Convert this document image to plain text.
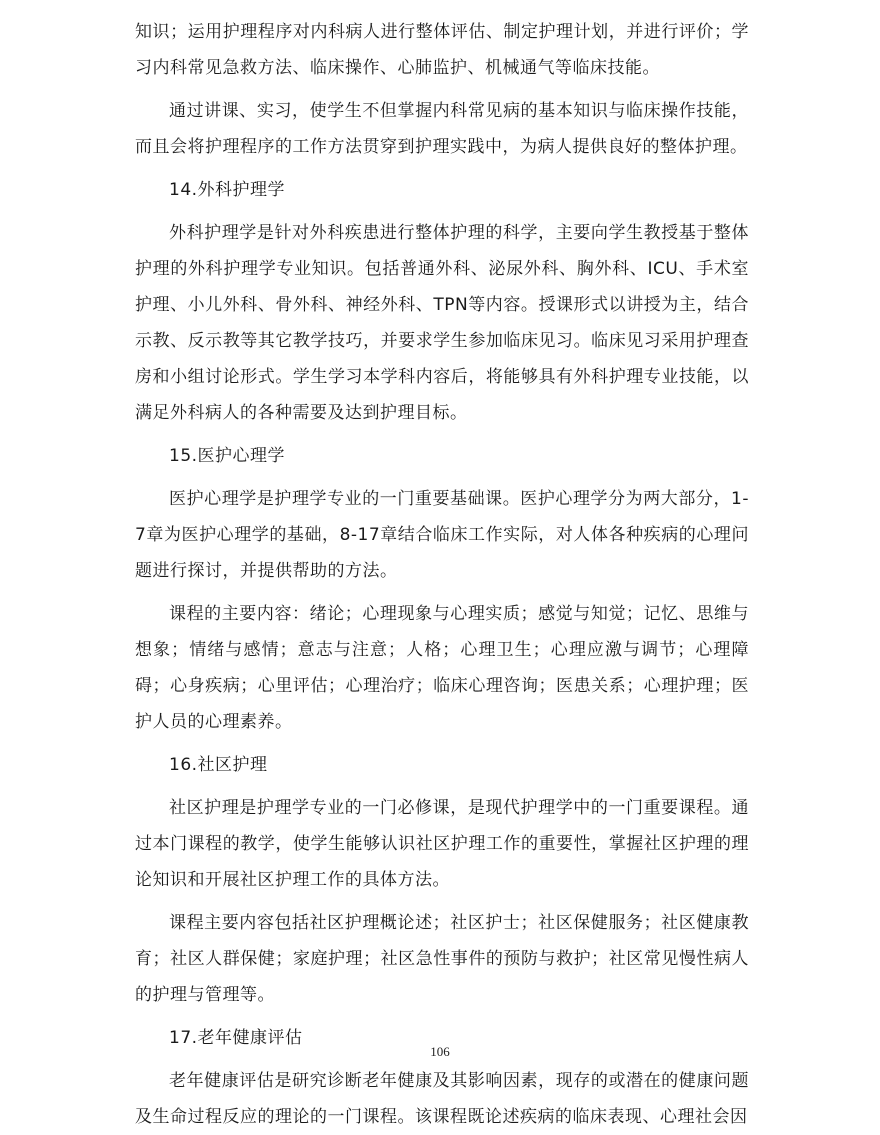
知识；运用护理程序对内科病人进行整体评估、制定护理计划，并进行评价；学习内科常见急救方法、临床操作、心肺监护、机械通气等临床技能。

通过讲课、实习，使学生不但掌握内科常见病的基本知识与临床操作技能，而且会将护理程序的工作方法贯穿到护理实践中，为病人提供良好的整体护理。

14.外科护理学

外科护理学是针对外科疾患进行整体护理的科学，主要向学生教授基于整体护理的外科护理学专业知识。包括普通外科、泌尿外科、胸外科、ICU、手术室护理、小儿外科、骨外科、神经外科、TPN等内容。授课形式以讲授为主，结合示教、反示教等其它教学技巧，并要求学生参加临床见习。临床见习采用护理查房和小组讨论形式。学生学习本学科内容后，将能够具有外科护理专业技能，以满足外科病人的各种需要及达到护理目标。

15.医护心理学

医护心理学是护理学专业的一门重要基础课。医护心理学分为两大部分，1-7章为医护心理学的基础，8-17章结合临床工作实际，对人体各种疾病的心理问题进行探讨，并提供帮助的方法。

课程的主要内容：绪论；心理现象与心理实质；感觉与知觉；记忆、思维与想象；情绪与感情；意志与注意；人格；心理卫生；心理应激与调节；心理障碍；心身疾病；心里评估；心理治疗；临床心理咨询；医患关系；心理护理；医护人员的心理素养。

16.社区护理

社区护理是护理学专业的一门必修课，是现代护理学中的一门重要课程。通过本门课程的教学，使学生能够认识社区护理工作的重要性，掌握社区护理的理论知识和开展社区护理工作的具体方法。

课程主要内容包括社区护理概论述；社区护士；社区保健服务；社区健康教育；社区人群保健；家庭护理；社区急性事件的预防与救护；社区常见慢性病人的护理与管理等。

17.老年健康评估

老年健康评估是研究诊断老年健康及其影响因素，现存的或潜在的健康问题及生命过程反应的理论的一门课程。该课程既论述疾病的临床表现、心理社会因

106
